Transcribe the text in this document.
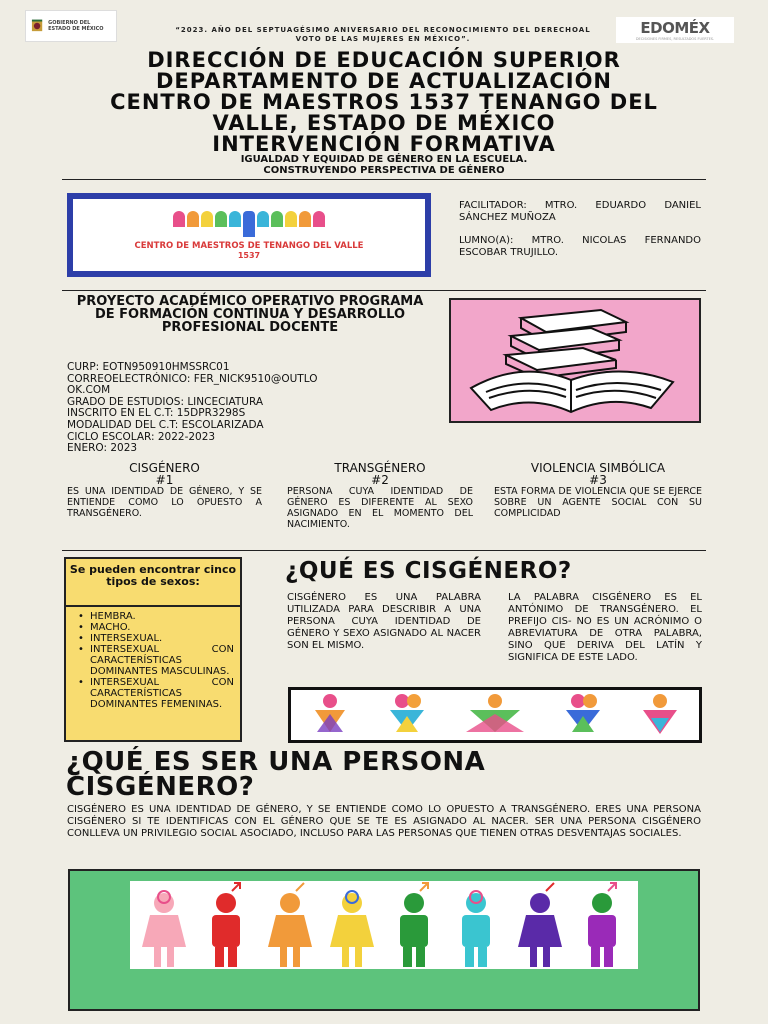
GOBIERNO DEL ESTADO DE MÉXICO	“2023. AÑO DEL SEPTUAGÉSIMO ANIVERSARIO DEL RECONOCIMIENTO DEL DERECHOAL VOTO DE LAS MUJERES EN MÉXICO”.
EDOMÉX
DECISIONES FIRMES, RESULTADOS FUERTES.
DIRECCIÓN DE EDUCACIÓN SUPERIOR
DEPARTAMENTO DE ACTUALIZACIÓN
CENTRO DE MAESTROS 1537 TENANGO DEL
VALLE, ESTADO DE MÉXICO
INTERVENCIÓN FORMATIVA
IGUALDAD Y EQUIDAD DE GÉNERO EN LA ESCUELA.
CONSTRUYENDO PERSPECTIVA DE GÉNERO
CENTRO DE MAESTROS DE TENANGO DEL VALLE
1537
FACILITADOR: MTRO. EDUARDO DANIEL SÁNCHEZ MUÑOZA
LUMNO(A): MTRO. NICOLAS FERNANDO ESCOBAR TRUJILLO.
PROYECTO ACADÉMICO OPERATIVO PROGRAMA DE FORMACIÓN CONTINUA Y DESARROLLO PROFESIONAL DOCENTE
CURP: EOTN950910HMSSRC01
CORREOELECTRÓNICO: FER_NICK9510@OUTLO
OK.COM
GRADO DE ESTUDIOS: LINCECIATURA
INSCRITO EN EL C.T: 15DPR3298S
MODALIDAD DEL C.T: ESCOLARIZADA
CICLO ESCOLAR: 2022-2023
ENERO: 2023
CISGÉNERO
#1
ES UNA IDENTIDAD DE GÉNERO, Y SE ENTIENDE COMO LO OPUESTO A TRANSGÉNERO.
TRANSGÉNERO
#2
PERSONA CUYA IDENTIDAD DE GÉNERO ES DIFERENTE AL SEXO ASIGNADO EN EL MOMENTO DEL NACIMIENTO.
VIOLENCIA SIMBÓLICA
#3
ESTA FORMA DE VIOLENCIA QUE SE EJERCE SOBRE UN AGENTE SOCIAL CON SU COMPLICIDAD
Se pueden encontrar cinco tipos de sexos:
• HEMBRA.
• MACHO.
• INTERSEXUAL.
• INTERSEXUAL CON CARACTERÍSTICAS DOMINANTES MASCULINAS.
• INTERSEXUAL CON CARACTERÍSTICAS DOMINANTES FEMENINAS.
¿QUÉ ES CISGÉNERO?
CISGÉNERO ES UNA PALABRA UTILIZADA PARA DESCRIBIR A UNA PERSONA CUYA IDENTIDAD DE GÉNERO Y SEXO ASIGNADO AL NACER SON EL MISMO.
LA PALABRA CISGÉNERO ES EL ANTÓNIMO DE TRANSGÉNERO. EL PREFIJO CIS- NO ES UN ACRÓNIMO O ABREVIATURA DE OTRA PALABRA, SINO QUE DERIVA DEL LATÍN Y SIGNIFICA DE ESTE LADO.
¿QUÉ ES SER UNA PERSONA
CISGÉNERO?
CISGÉNERO ES UNA IDENTIDAD DE GÉNERO, Y SE ENTIENDE COMO LO OPUESTO A TRANSGÉNERO. ERES UNA PERSONA CISGÉNERO SI TE IDENTIFICAS CON EL GÉNERO QUE SE TE ES ASIGNADO AL NACER. SER UNA PERSONA CISGÉNERO CONLLEVA UN PRIVILEGIO SOCIAL ASOCIADO, INCLUSO PARA LAS PERSONAS QUE TIENEN OTRAS DESVENTAJAS SOCIALES.
